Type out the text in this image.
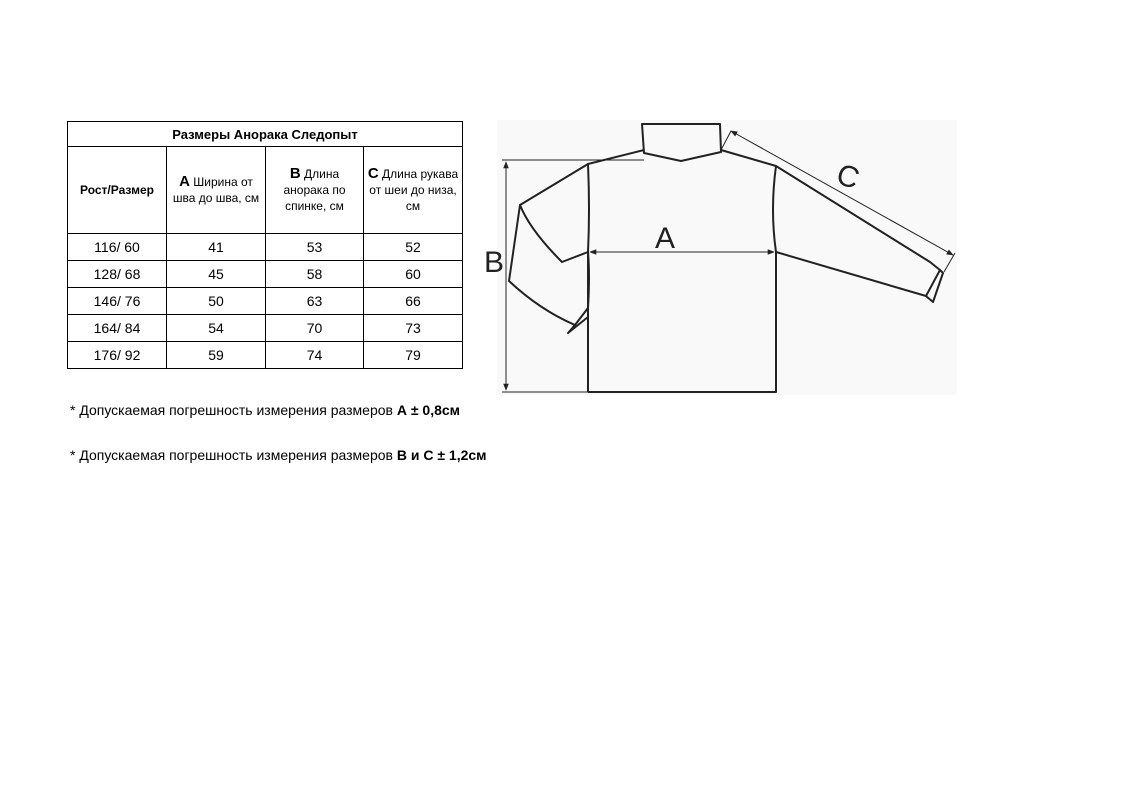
Размеры Анорака Следопыт			
Рост/Размер	А Ширина от шва до шва, см	В Длина анорака по спинке, см	С Длина рукава от шеи до низа, см
116/ 60	41	53	52
128/ 68	45	58	60
146/ 76	50	63	66
164/ 84	54	70	73
176/ 92	59	74	79
* Допускаемая погрешность измерения размеров А ± 0,8см
* Допускаемая погрешность измерения размеров В и С ± 1,2см
A
B
C
